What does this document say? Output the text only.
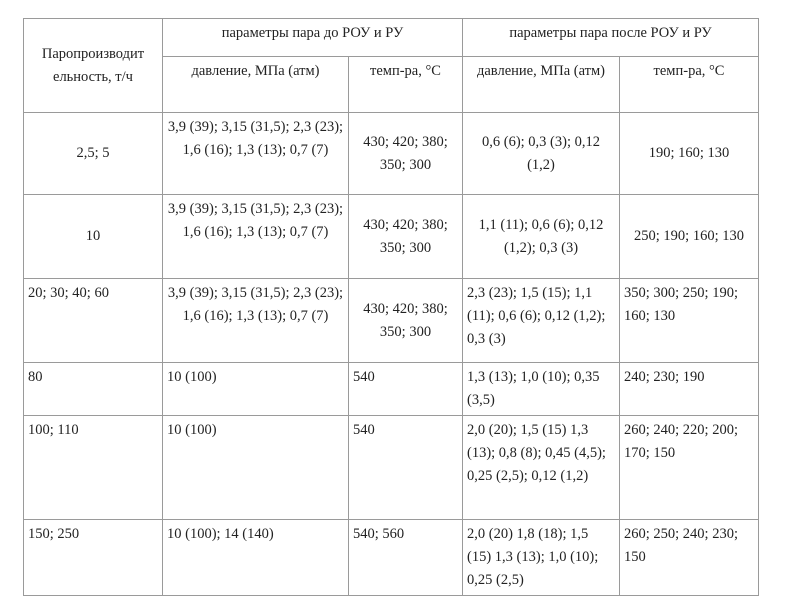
Паропроизводит ельность, т/ч	параметры пара до РОУ и РУ		параметры пара после РОУ и РУ	
	давление, МПа (атм)	темп-ра, °С	давление, МПа (атм)	темп-ра, °С
2,5; 5	3,9 (39); 3,15 (31,5); 2,3 (23); 1,6 (16); 1,3 (13); 0,7 (7)	430; 420; 380; 350; 300	0,6 (6); 0,3 (3); 0,12 (1,2)	190; 160; 130
10	3,9 (39); 3,15 (31,5); 2,3 (23); 1,6 (16); 1,3 (13); 0,7 (7)	430; 420; 380; 350; 300	1,1 (11); 0,6 (6); 0,12 (1,2); 0,3 (3)	250; 190; 160; 130
20; 30; 40; 60	3,9 (39); 3,15 (31,5); 2,3 (23); 1,6 (16); 1,3 (13); 0,7 (7)	430; 420; 380; 350; 300	2,3 (23); 1,5 (15); 1,1 (11); 0,6 (6); 0,12 (1,2); 0,3 (3)	350; 300; 250; 190; 160; 130
80	10 (100)	540	1,3 (13); 1,0 (10); 0,35 (3,5)	240; 230; 190
100; 110	10 (100)	540	2,0 (20); 1,5 (15) 1,3 (13); 0,8 (8); 0,45 (4,5); 0,25 (2,5); 0,12 (1,2)	260; 240; 220; 200; 170; 150
150; 250	10 (100); 14 (140)	540; 560	2,0 (20) 1,8 (18); 1,5 (15) 1,3 (13); 1,0 (10); 0,25 (2,5)	260; 250; 240; 230; 150
